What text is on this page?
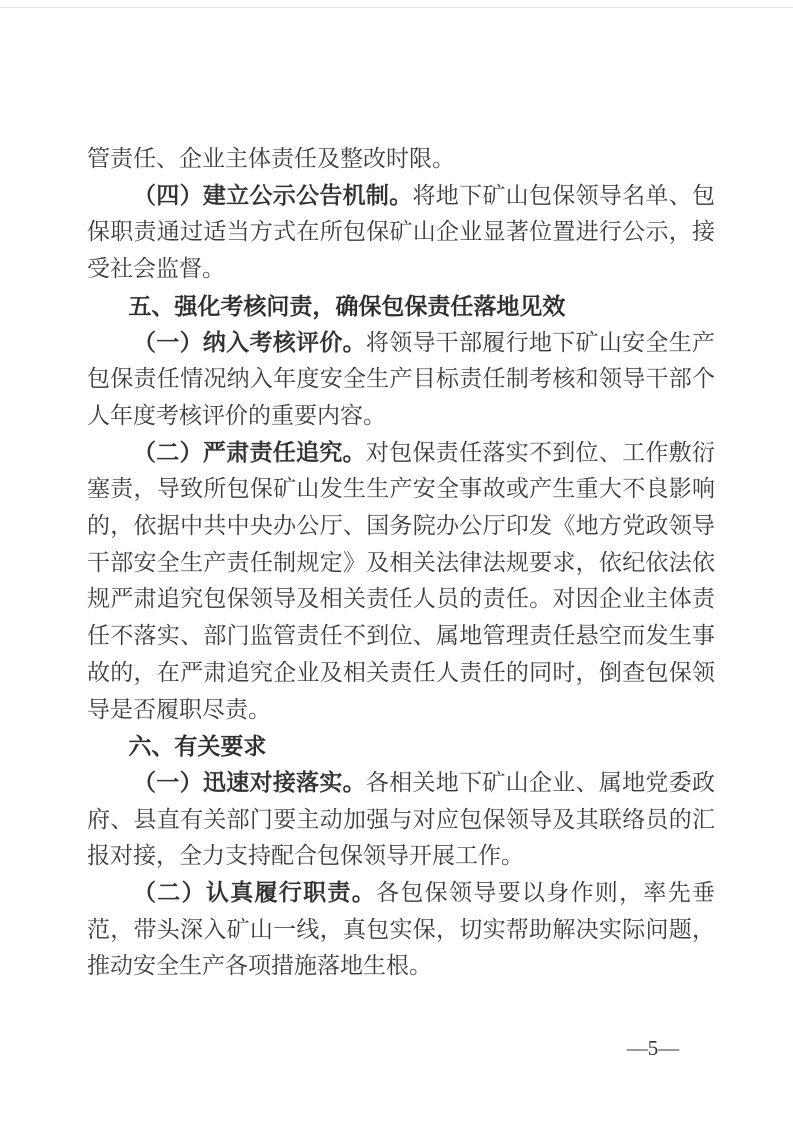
管责任、企业主体责任及整改时限。

（四）建立公示公告机制。将地下矿山包保领导名单、包保职责通过适当方式在所包保矿山企业显著位置进行公示，接受社会监督。

五、强化考核问责，确保包保责任落地见效

（一）纳入考核评价。将领导干部履行地下矿山安全生产包保责任情况纳入年度安全生产目标责任制考核和领导干部个人年度考核评价的重要内容。

（二）严肃责任追究。对包保责任落实不到位、工作敷衍塞责，导致所包保矿山发生生产安全事故或产生重大不良影响的，依据中共中央办公厅、国务院办公厅印发《地方党政领导干部安全生产责任制规定》及相关法律法规要求，依纪依法依规严肃追究包保领导及相关责任人员的责任。对因企业主体责任不落实、部门监管责任不到位、属地管理责任悬空而发生事故的，在严肃追究企业及相关责任人责任的同时，倒查包保领导是否履职尽责。

六、有关要求

（一）迅速对接落实。各相关地下矿山企业、属地党委政府、县直有关部门要主动加强与对应包保领导及其联络员的汇报对接，全力支持配合包保领导开展工作。

（二）认真履行职责。各包保领导要以身作则，率先垂范，带头深入矿山一线，真包实保，切实帮助解决实际问题，推动安全生产各项措施落地生根。

—5—
